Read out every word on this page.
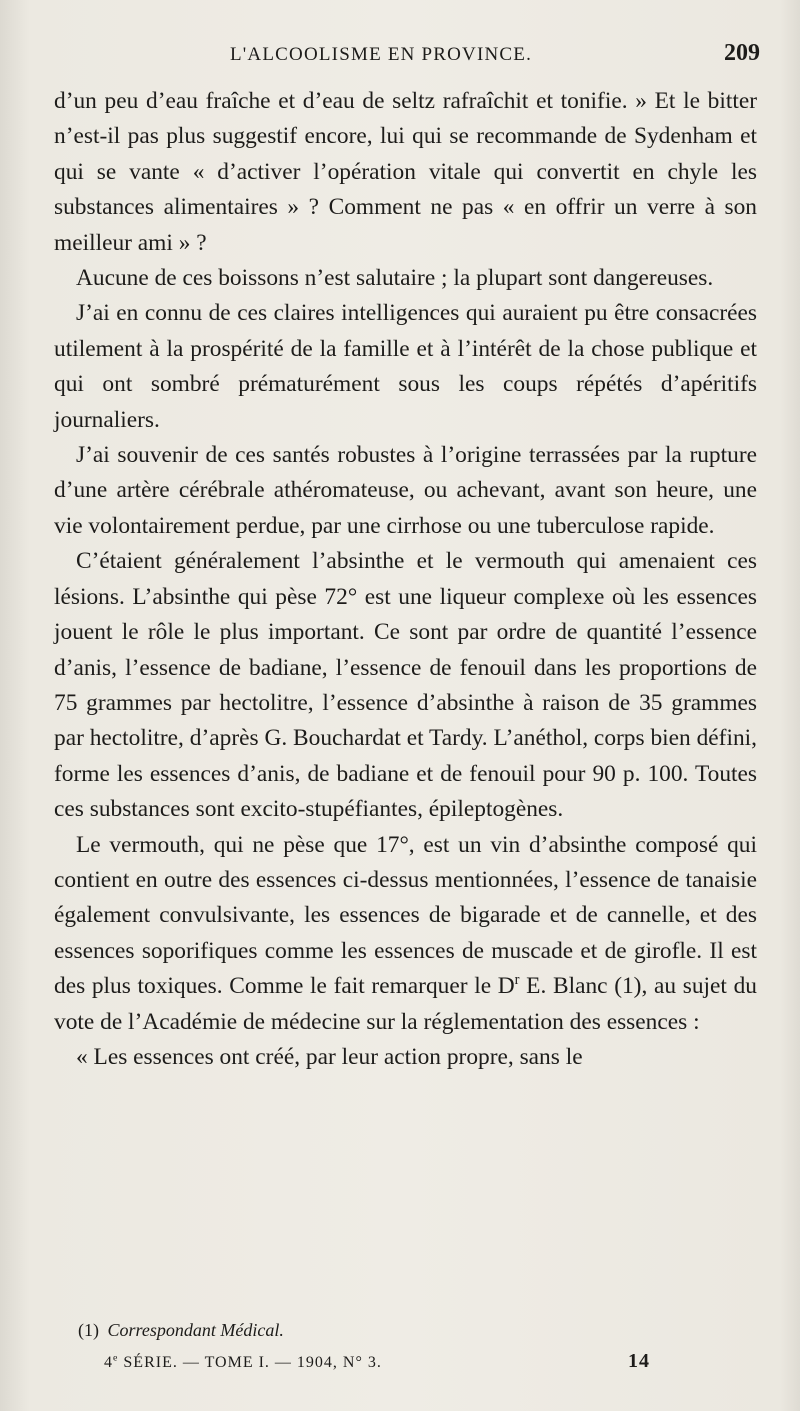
L'ALCOOLISME EN PROVINCE.	209

d’un peu d’eau fraîche et d’eau de seltz rafraîchit et tonifie. » Et le bitter n’est-il pas plus suggestif encore, lui qui se recommande de Sydenham et qui se vante « d’activer l’opération vitale qui convertit en chyle les substances alimentaires » ? Comment ne pas « en offrir un verre à son meilleur ami » ?

Aucune de ces boissons n’est salutaire ; la plupart sont dangereuses.

J’ai en connu de ces claires intelligences qui auraient pu être consacrées utilement à la prospérité de la famille et à l’intérêt de la chose publique et qui ont sombré prématurément sous les coups répétés d’apéritifs journaliers.

J’ai souvenir de ces santés robustes à l’origine terrassées par la rupture d’une artère cérébrale athéromateuse, ou achevant, avant son heure, une vie volontairement perdue, par une cirrhose ou une tuberculose rapide.

C’étaient généralement l’absinthe et le vermouth qui amenaient ces lésions. L’absinthe qui pèse 72° est une liqueur complexe où les essences jouent le rôle le plus important. Ce sont par ordre de quantité l’essence d’anis, l’essence de badiane, l’essence de fenouil dans les proportions de 75 grammes par hectolitre, l’essence d’absinthe à raison de 35 grammes par hectolitre, d’après G. Bouchardat et Tardy. L’anéthol, corps bien défini, forme les essences d’anis, de badiane et de fenouil pour 90 p. 100. Toutes ces substances sont excito-stupéfiantes, épileptogènes.

Le vermouth, qui ne pèse que 17°, est un vin d’absinthe composé qui contient en outre des essences ci-dessus mentionnées, l’essence de tanaisie également convulsivante, les essences de bigarade et de cannelle, et des essences soporifiques comme les essences de muscade et de girofle. Il est des plus toxiques. Comme le fait remarquer le $D^r$ E. Blanc (1), au sujet du vote de l’Académie de médecine sur la réglementation des essences :

« Les essences ont créé, par leur action propre, sans le

(1) Correspondant Médical.
4e SÉRIE. — TOME I. — 1904, N° 3.	14
